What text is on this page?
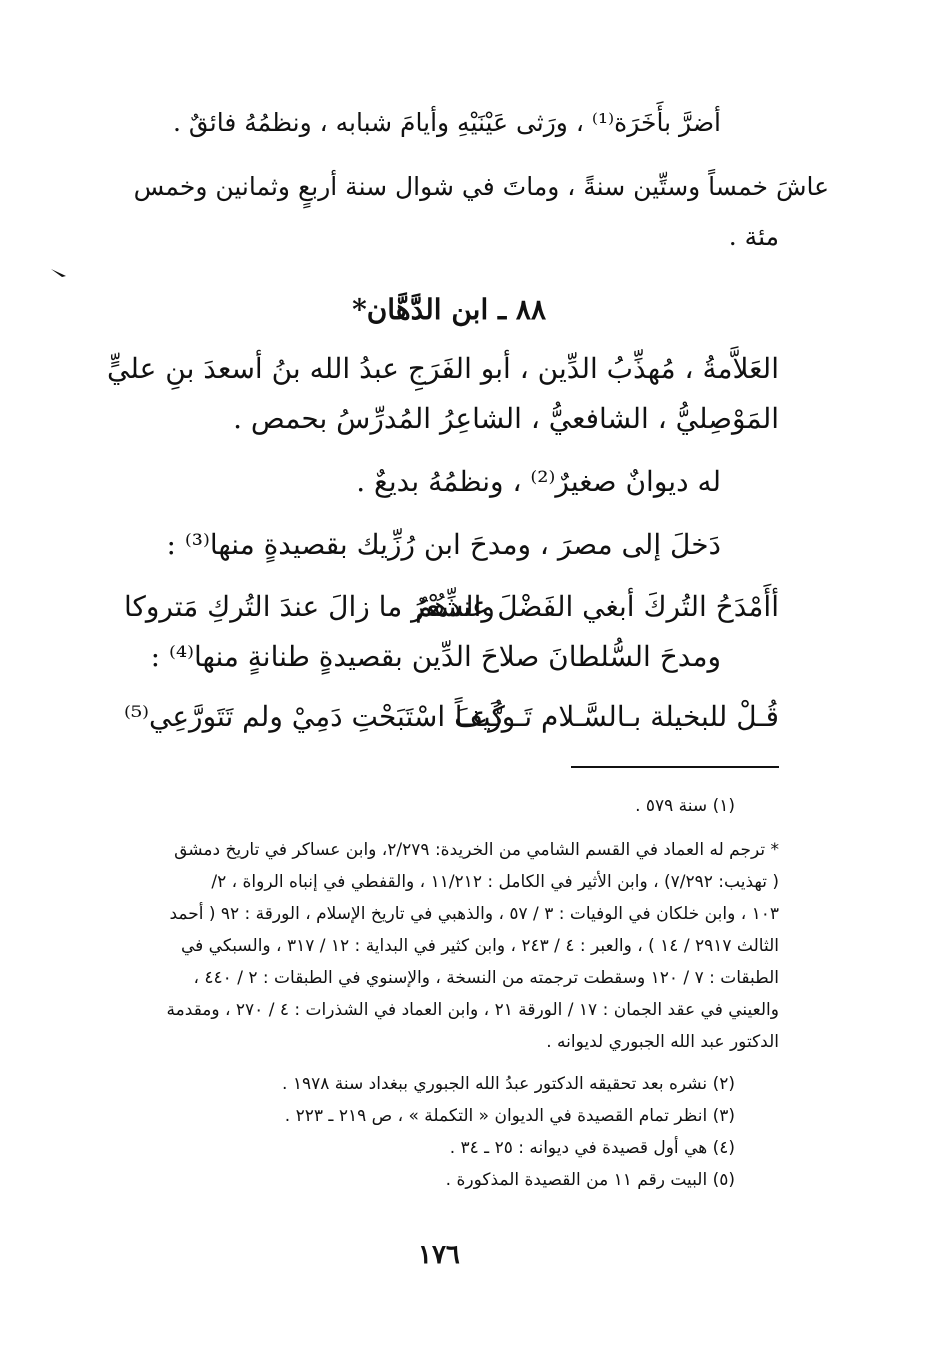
أضرَّ بأَخَرَة⁽¹⁾ ، ورَثى عَيْنَيْهِ وأيامَ شبابه ، ونظمُهُ فائقٌ .
عاشَ خمساً وستِّين سنةً ، وماتَ في شوال سنة أربعٍ وثمانين وخمس
مئة .
٨٨ ـ ابن الدَّهَّان*
العَلاَّمةُ ، مُهذِّبُ الدِّين ، أبو الفَرَجِ عبدُ الله بنُ أسعدَ بنِ عليٍّ
المَوْصِليُّ ، الشافعيُّ ، الشاعِرُ المُدرِّسُ بحمص .
له ديوانٌ صغيرٌ⁽²⁾ ، ونظمُهُ بديعٌ .
دَخلَ إلى مصرَ ، ومدحَ ابن رُزِّيك بقصيدةٍ منها⁽³⁾ :
أأَمْدَحُ التُركَ أبغي الفَضْلَ عندهُمُ
والشِّعْرُ ما زالَ عندَ التُركِ مَتروكا
ومدحَ السُّلطانَ صلاحَ الدِّين بقصيدةٍ طنانةٍ منها⁽⁴⁾ :
قُـلْ للبخيلة بـالسَّـلام تَـورُّعـاً
كَيفَ اسْتَبَحْتِ دَمِيْ ولم تَتَورَّعِي⁽⁵⁾
(١) سنة ٥٧٩ .
* ترجم له العماد في القسم الشامي من الخريدة: ٢/٢٧٩، وابن عساكر في تاريخ دمشق
( تهذيب: ٧/٢٩٢) ، وابن الأثير في الكامل : ١١/٢١٢ ، والقفطي في إنباه الرواة ، ٢/
١٠٣ ، وابن خلكان في الوفيات : ٣ / ٥٧ ، والذهبي في تاريخ الإسلام ، الورقة : ٩٢ ( أحمد
الثالث ٢٩١٧ / ١٤ ) ، والعبر : ٤ / ٢٤٣ ، وابن كثير في البداية : ١٢ / ٣١٧ ، والسبكي في
الطبقات : ٧ / ١٢٠ وسقطت ترجمته من النسخة ، والإسنوي في الطبقات : ٢ / ٤٤٠ ،
والعيني في عقد الجمان : ١٧ / الورقة ٢١ ، وابن العماد في الشذرات : ٤ / ٢٧٠ ، ومقدمة
الدكتور عبد الله الجبوري لديوانه .
(٢) نشره بعد تحقيقه الدكتور عبدُ الله الجبوري ببغداد سنة ١٩٧٨ .
(٣) انظر تمام القصيدة في الديوان « التكملة » ، ص ٢١٩ ـ ٢٢٣ .
(٤) هي أول قصيدة في ديوانه : ٢٥ ـ ٣٤ .
(٥) البيت رقم ١١ من القصيدة المذكورة .
١٧٦
